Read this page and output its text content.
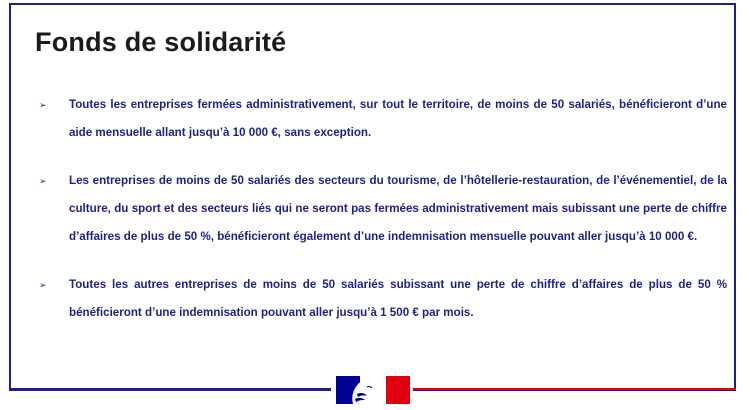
Fonds de solidarité
➢ Toutes les entreprises fermées administrativement, sur tout le territoire, de moins de 50 salariés, bénéficieront d’une aide mensuelle allant jusqu’à 10 000 €, sans exception.
➢ Les entreprises de moins de 50 salariés des secteurs du tourisme, de l’hôtellerie-restauration, de l’événementiel, de la culture, du sport et des secteurs liés qui ne seront pas fermées administrativement mais subissant une perte de chiffre d’affaires de plus de 50 %, bénéficieront également d’une indemnisation mensuelle pouvant aller jusqu’à 10 000 €.
➢ Toutes les autres entreprises de moins de 50 salariés subissant une perte de chiffre d’affaires de plus de 50 % bénéficieront d’une indemnisation pouvant aller jusqu’à 1 500 € par mois.
